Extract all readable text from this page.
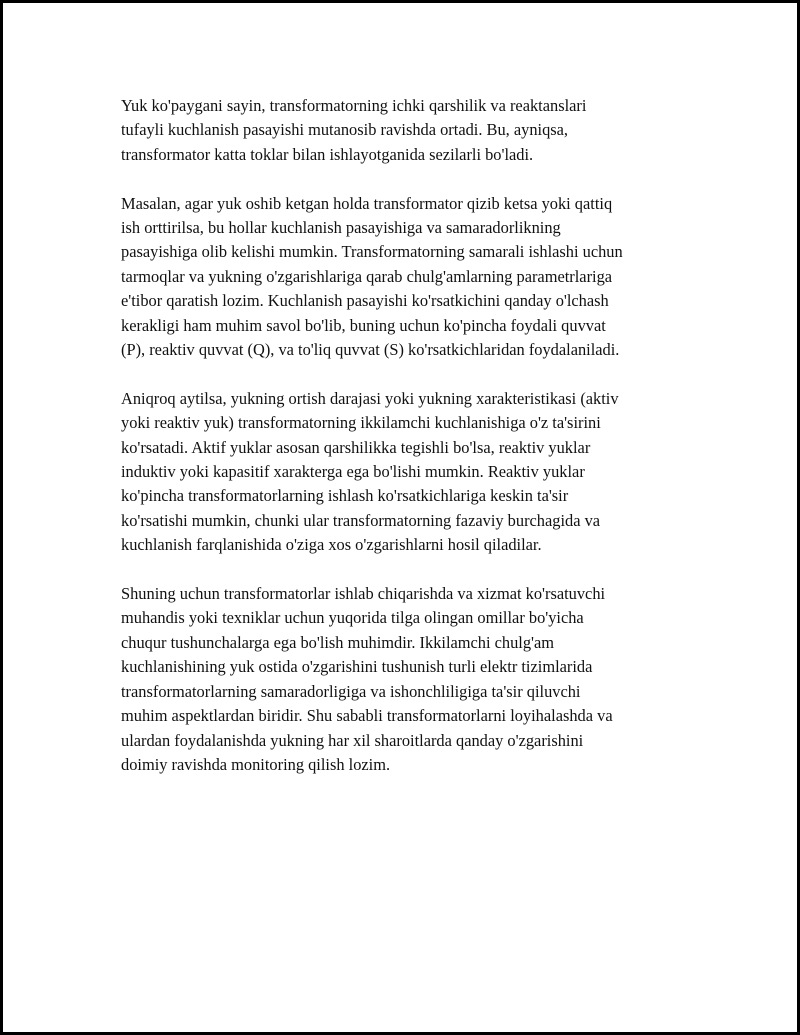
Yuk ko'paygani sayin, transformatorning ichki qarshilik va reaktanslari
tufayli kuchlanish pasayishi mutanosib ravishda ortadi. Bu, ayniqsa,
transformator katta toklar bilan ishlayotganida sezilarli bo'ladi.

Masalan, agar yuk oshib ketgan holda transformator qizib ketsa yoki qattiq
ish orttirilsa, bu hollar kuchlanish pasayishiga va samaradorlikning
pasayishiga olib kelishi mumkin. Transformatorning samarali ishlashi uchun
tarmoqlar va yukning o'zgarishlariga qarab chulg'amlarning parametrlariga
e'tibor qaratish lozim. Kuchlanish pasayishi ko'rsatkichini qanday o'lchash
kerakligi ham muhim savol bo'lib, buning uchun ko'pincha foydali quvvat
(P), reaktiv quvvat (Q), va to'liq quvvat (S) ko'rsatkichlaridan foydalaniladi.

Aniqroq aytilsa, yukning ortish darajasi yoki yukning xarakteristikasi (aktiv
yoki reaktiv yuk) transformatorning ikkilamchi kuchlanishiga o'z ta'sirini
ko'rsatadi. Aktif yuklar asosan qarshilikka tegishli bo'lsa, reaktiv yuklar
induktiv yoki kapasitif xarakterga ega bo'lishi mumkin. Reaktiv yuklar
ko'pincha transformatorlarning ishlash ko'rsatkichlariga keskin ta'sir
ko'rsatishi mumkin, chunki ular transformatorning fazaviy burchagida va
kuchlanish farqlanishida o'ziga xos o'zgarishlarni hosil qiladilar.

Shuning uchun transformatorlar ishlab chiqarishda va xizmat ko'rsatuvchi
muhandis yoki texniklar uchun yuqorida tilga olingan omillar bo'yicha
chuqur tushunchalarga ega bo'lish muhimdir. Ikkilamchi chulg'am
kuchlanishining yuk ostida o'zgarishini tushunish turli elektr tizimlarida
transformatorlarning samaradorligiga va ishonchliligiga ta'sir qiluvchi
muhim aspektlardan biridir. Shu sababli transformatorlarni loyihalashda va
ulardan foydalanishda yukning har xil sharoitlarda qanday o'zgarishini
doimiy ravishda monitoring qilish lozim.
